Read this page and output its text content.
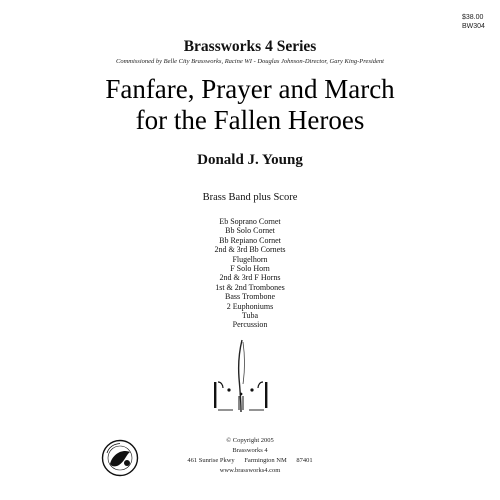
$38.00
BW304
Brassworks 4 Series
Commissioned by Belle City Brassworks, Racine WI - Douglas Johnson-Director, Gary King-President
Fanfare, Prayer and March
for the Fallen Heroes
Donald J. Young
Brass Band plus Score
Eb Soprano Cornet
Bb Solo Cornet
Bb Repiano Cornet
2nd & 3rd Bb Cornets
Flugelhorn
F Solo Horn
2nd & 3rd F Horns
1st & 2nd Trombones
Bass Trombone
2 Euphoniums
Tuba
Percussion
© Copyright 2005
Brassworks 4
461 Sunrise Pkwy Farmington NM 87401
www.brassworks4.com
